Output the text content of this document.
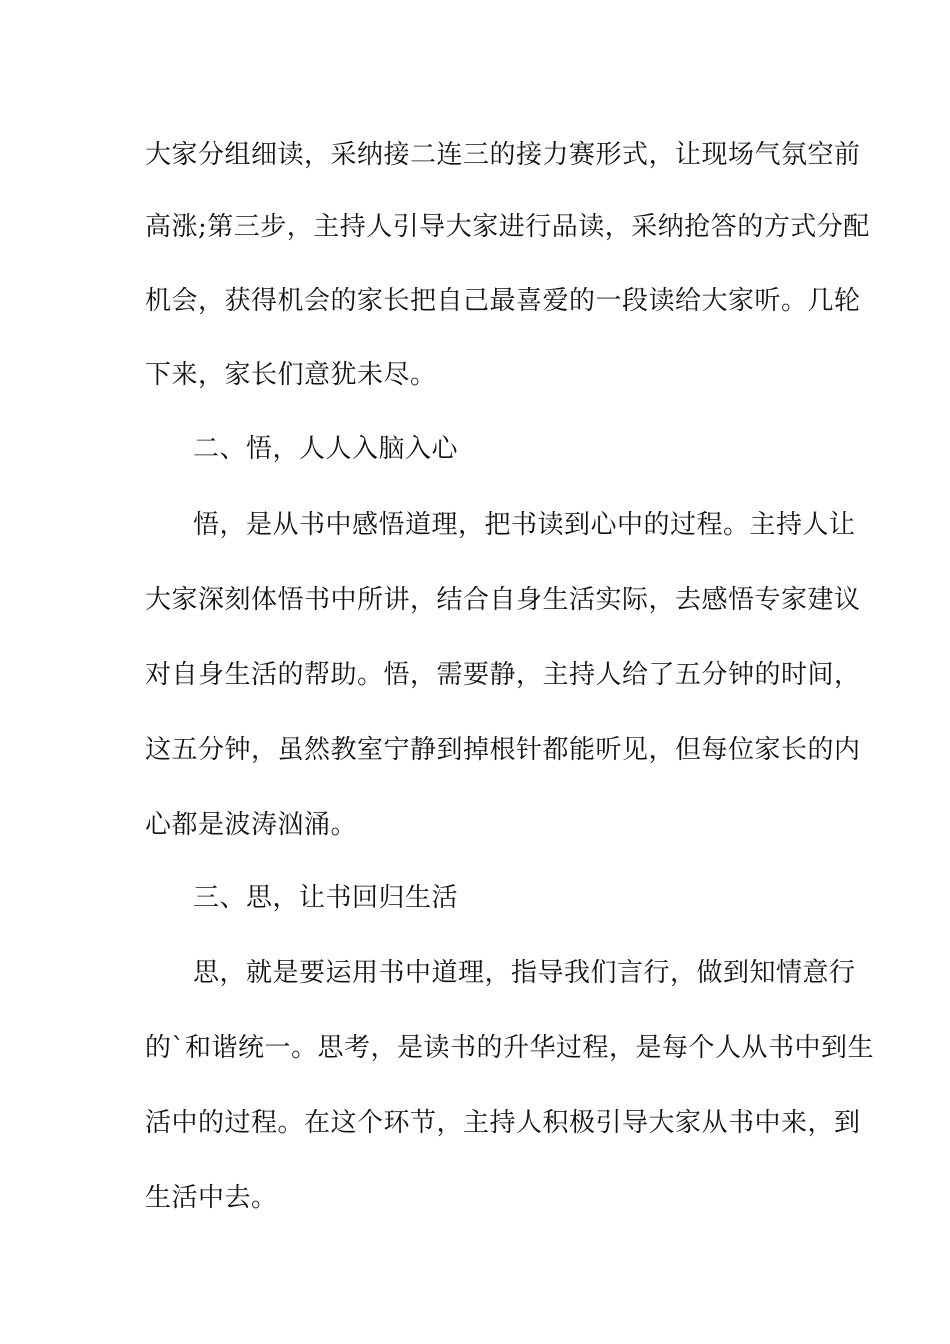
大家分组细读，采纳接二连三的接力赛形式，让现场气氛空前
高涨;第三步，主持人引导大家进行品读，采纳抢答的方式分配
机会，获得机会的家长把自己最喜爱的一段读给大家听。几轮
下来，家长们意犹未尽。
二、悟，人人入脑入心
悟，是从书中感悟道理，把书读到心中的过程。主持人让
大家深刻体悟书中所讲，结合自身生活实际，去感悟专家建议
对自身生活的帮助。悟，需要静，主持人给了五分钟的时间，
这五分钟，虽然教室宁静到掉根针都能听见，但每位家长的内
心都是波涛汹涌。
三、思，让书回归生活
思，就是要运用书中道理，指导我们言行，做到知情意行
的`和谐统一。思考，是读书的升华过程，是每个人从书中到生
活中的过程。在这个环节，主持人积极引导大家从书中来，到
生活中去。
